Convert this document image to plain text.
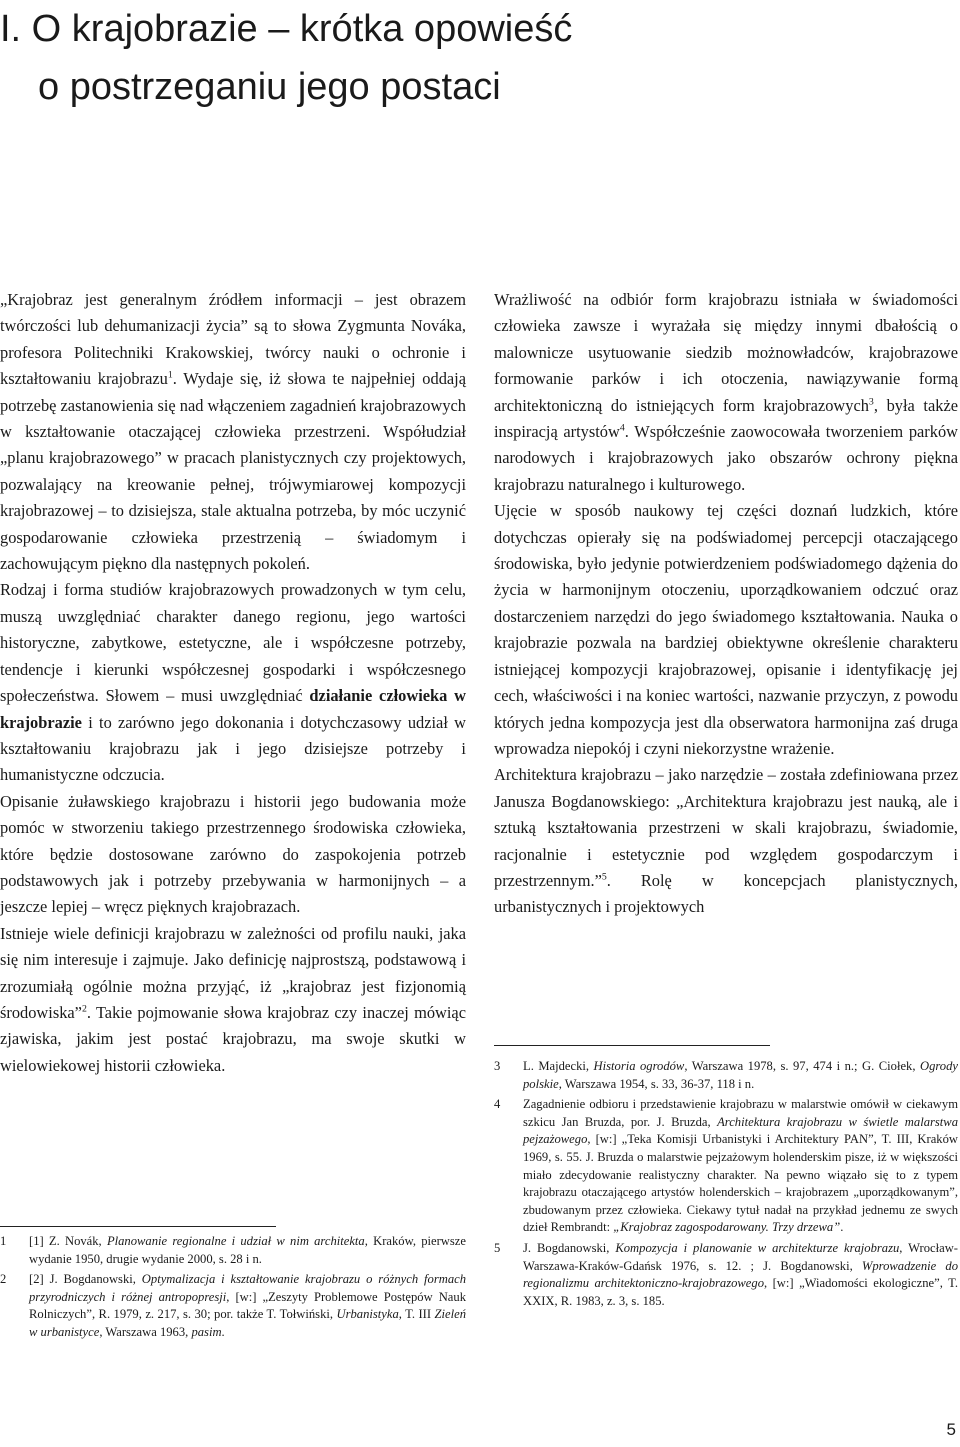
I. O krajobrazie – krótka opowieść
o postrzeganiu jego postaci

„Krajobraz jest generalnym źródłem informacji – jest obrazem twórczości lub dehumanizacji życia” są to słowa Zygmunta Nováka, profesora Politechniki Krakowskiej, twórcy nauki o ochronie i kształtowaniu krajobrazu$^1$. Wydaje się, iż słowa te najpełniej oddają potrzebę zastanowienia się nad włączeniem zagadnień krajobrazowych w kształtowanie otaczającej człowieka przestrzeni. Współudział „planu krajobrazowego” w pracach planistycznych czy projektowych, pozwalający na kreowanie pełnej, trójwymiarowej kompozycji krajobrazowej – to dzisiejsza, stale aktualna potrzeba, by móc uczynić gospodarowanie człowieka przestrzenią – świadomym i zachowującym piękno dla następnych pokoleń.

Rodzaj i forma studiów krajobrazowych prowadzonych w tym celu, muszą uwzględniać charakter danego regionu, jego wartości historyczne, zabytkowe, estetyczne, ale i współczesne potrzeby, tendencje i kierunki współczesnej gospodarki i współczesnego społeczeństwa. Słowem – musi uwzględniać działanie człowieka w krajobrazie i to zarówno jego dokonania i dotychczasowy udział w kształtowaniu krajobrazu jak i jego dzisiejsze potrzeby i humanistyczne odczucia.

Opisanie żuławskiego krajobrazu i historii jego budowania może pomóc w stworzeniu takiego przestrzennego środowiska człowieka, które będzie dostosowane zarówno do zaspokojenia potrzeb podstawowych jak i potrzeby przebywania w harmonijnych – a jeszcze lepiej – wręcz pięknych krajobrazach.

Istnieje wiele definicji krajobrazu w zależności od profilu nauki, jaka się nim interesuje i zajmuje. Jako definicję najprostszą, podstawową i zrozumiałą ogólnie można przyjąć, iż „krajobraz jest fizjonomią środowiska”$^2$. Takie pojmowanie słowa krajobraz czy inaczej mówiąc zjawiska, jakim jest postać krajobrazu, ma swoje skutki w wielowiekowej historii człowieka.

Wrażliwość na odbiór form krajobrazu istniała w świadomości człowieka zawsze i wyrażała się między innymi dbałością o malownicze usytuowanie siedzib możnowładców, krajobrazowe formowanie parków i ich otoczenia, nawiązywanie formą architektoniczną do istniejących form krajobrazowych$^3$, była także inspiracją artystów$^4$. Współcześnie zaowocowała tworzeniem parków narodowych i krajobrazowych jako obszarów ochrony piękna krajobrazu naturalnego i kulturowego.

Ujęcie w sposób naukowy tej części doznań ludzkich, które dotychczas opierały się na podświadomej percepcji otaczającego środowiska, było jedynie potwierdzeniem podświadomego dążenia do życia w harmonijnym otoczeniu, uporządkowaniem odczuć oraz dostarczeniem narzędzi do jego świadomego kształtowania. Nauka o krajobrazie pozwala na bardziej obiektywne określenie charakteru istniejącej kompozycji krajobrazowej, opisanie i identyfikację jej cech, właściwości i na koniec wartości, nazwanie przyczyn, z powodu których jedna kompozycja jest dla obserwatora harmonijna zaś druga wprowadza niepokój i czyni niekorzystne wrażenie.

Architektura krajobrazu – jako narzędzie – została zdefiniowana przez Janusza Bogdanowskiego: „Architektura krajobrazu jest nauką, ale i sztuką kształtowania przestrzeni w skali krajobrazu, świadomie, racjonalnie i estetycznie pod względem gospodarczym i przestrzennym.”$^5$. Rolę w koncepcjach planistycznych, urbanistycznych i projektowych

1 [1] Z. Novák, Planowanie regionalne i udział w nim architekta, Kraków, pierwsze wydanie 1950, drugie wydanie 2000, s. 28 i n.
2 [2] J. Bogdanowski, Optymalizacja i kształtowanie krajobrazu o różnych formach przyrodniczych i różnej antropopresji, [w:] „Zeszyty Problemowe Postępów Nauk Rolniczych”, R. 1979, z. 217, s. 30; por. także T. Tołwiński, Urbanistyka, T. III Zieleń w urbanistyce, Warszawa 1963, pasim.
3 L. Majdecki, Historia ogrodów, Warszawa 1978, s. 97, 474 i n.; G. Ciołek, Ogrody polskie, Warszawa 1954, s. 33, 36-37, 118 i n.
4 Zagadnienie odbioru i przedstawienie krajobrazu w malarstwie omówił w ciekawym szkicu Jan Bruzda, por. J. Bruzda, Architektura krajobrazu w świetle malarstwa pejzażowego, [w:] „Teka Komisji Urbanistyki i Architektury PAN”, T. III, Kraków 1969, s. 55. J. Bruzda o malarstwie pejzażowym holenderskim pisze, iż w większości miało zdecydowanie realistyczny charakter. Na pewno wiązało się to z typem krajobrazu otaczającego artystów holenderskich – krajobrazem „uporządkowanym”, zbudowanym przez człowieka. Ciekawy tytuł nadał na przykład jednemu ze swych dzieł Rembrandt: „Krajobraz zagospodarowany. Trzy drzewa”.
5 J. Bogdanowski, Kompozycja i planowanie w architekturze krajobrazu, Wrocław-Warszawa-Kraków-Gdańsk 1976, s. 12. ; J. Bogdanowski, Wprowadzenie do regionalizmu architektoniczno-krajobrazowego, [w:] „Wiadomości ekologiczne”, T. XXIX, R. 1983, z. 3, s. 185.
5
